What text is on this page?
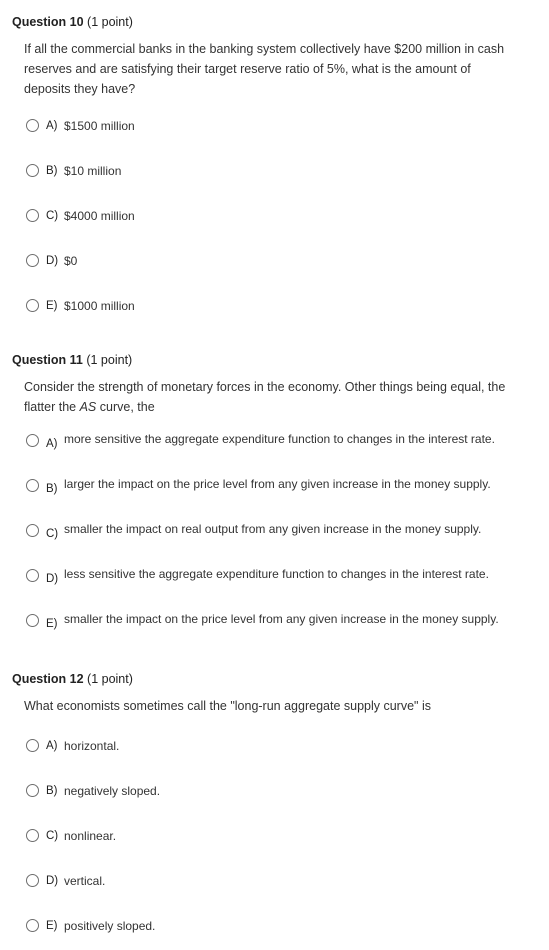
Question 10 (1 point)
If all the commercial banks in the banking system collectively have $200 million in cash reserves and are satisfying their target reserve ratio of 5%, what is the amount of deposits they have?
A) $1500 million
B) $10 million
C) $4000 million
D) $0
E) $1000 million
Question 11 (1 point)
Consider the strength of monetary forces in the economy. Other things being equal, the flatter the AS curve, the
A) more sensitive the aggregate expenditure function to changes in the interest rate.
B) larger the impact on the price level from any given increase in the money supply.
C) smaller the impact on real output from any given increase in the money supply.
D) less sensitive the aggregate expenditure function to changes in the interest rate.
E) smaller the impact on the price level from any given increase in the money supply.
Question 12 (1 point)
What economists sometimes call the "long-run aggregate supply curve" is
A) horizontal.
B) negatively sloped.
C) nonlinear.
D) vertical.
E) positively sloped.
